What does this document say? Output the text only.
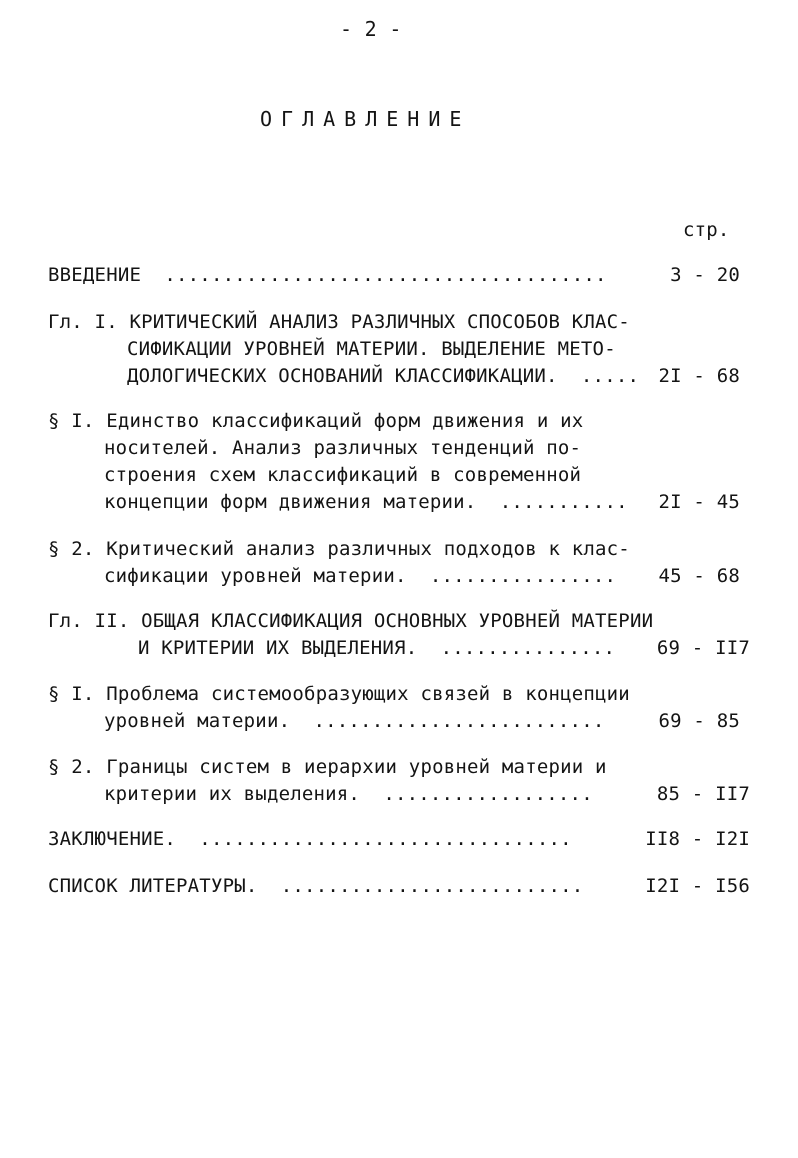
- 2 -
ОГЛАВЛЕНИЕ
стр.
ВВЕДЕНИЕ  ......................................	3 - 20
Гл. I. КРИТИЧЕСКИЙ АНАЛИЗ РАЗЛИЧНЫХ СПОСОБОВ КЛАС-
СИФИКАЦИИ УРОВНЕЙ МАТЕРИИ. ВЫДЕЛЕНИЕ МЕТО-
ДОЛОГИЧЕСКИХ ОСНОВАНИЙ КЛАССИФИКАЦИИ.  .....	2I - 68
§ I. Единство классификаций форм движения и их
носителей. Анализ различных тенденций по-
строения схем классификаций в современной
концепции форм движения материи.  ...........	2I - 45
§ 2. Критический анализ различных подходов к клас-
сификации уровней материи.  ................	45 - 68
Гл. II. ОБЩАЯ КЛАССИФИКАЦИЯ ОСНОВНЫХ УРОВНЕЙ МАТЕРИИ
И КРИТЕРИИ ИХ ВЫДЕЛЕНИЯ.  ...............	69 - II7
§ I. Проблема системообразующих связей в концепции
уровней материи.  .........................	69 - 85
§ 2. Границы систем в иерархии уровней материи и
критерии их выделения.  ..................	85 - II7
ЗАКЛЮЧЕНИЕ.  ................................	II8 - I2I
СПИСОК ЛИТЕРАТУРЫ.  ..........................	I2I - I56
